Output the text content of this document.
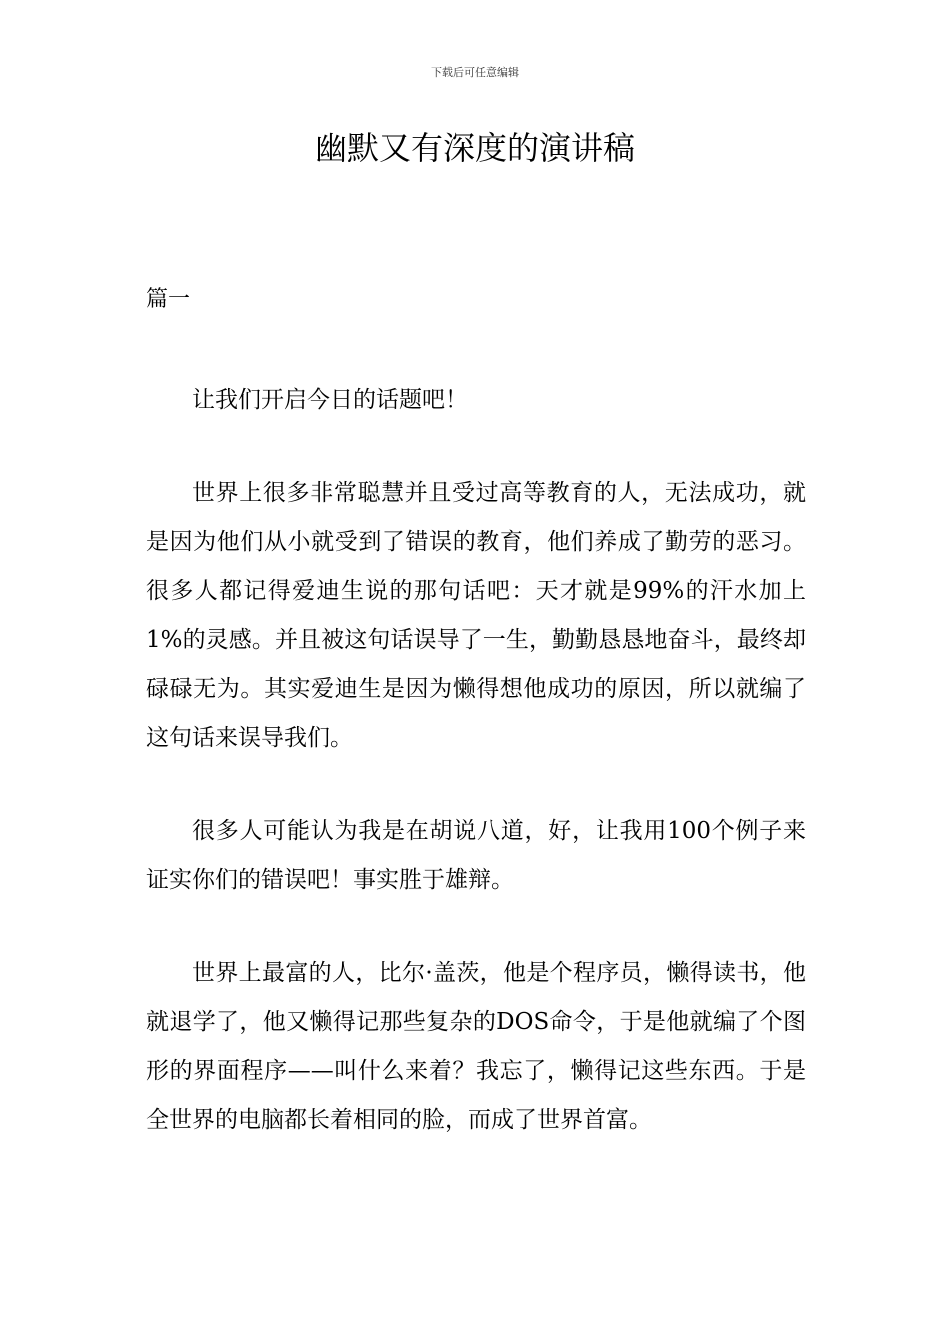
下载后可任意编辑
幽默又有深度的演讲稿
篇一

让我们开启今日的话题吧！

世界上很多非常聪慧并且受过高等教育的人，无法成功，就是因为他们从小就受到了错误的教育，他们养成了勤劳的恶习。很多人都记得爱迪生说的那句话吧：天才就是99%的汗水加上1%的灵感。并且被这句话误导了一生，勤勤恳恳地奋斗，最终却碌碌无为。其实爱迪生是因为懒得想他成功的原因，所以就编了这句话来误导我们。

很多人可能认为我是在胡说八道，好，让我用100个例子来证实你们的错误吧！事实胜于雄辩。

世界上最富的人，比尔·盖茨，他是个程序员，懒得读书，他就退学了，他又懒得记那些复杂的DOS命令，于是他就编了个图形的界面程序——叫什么来着？我忘了，懒得记这些东西。于是全世界的电脑都长着相同的脸，而成了世界首富。
